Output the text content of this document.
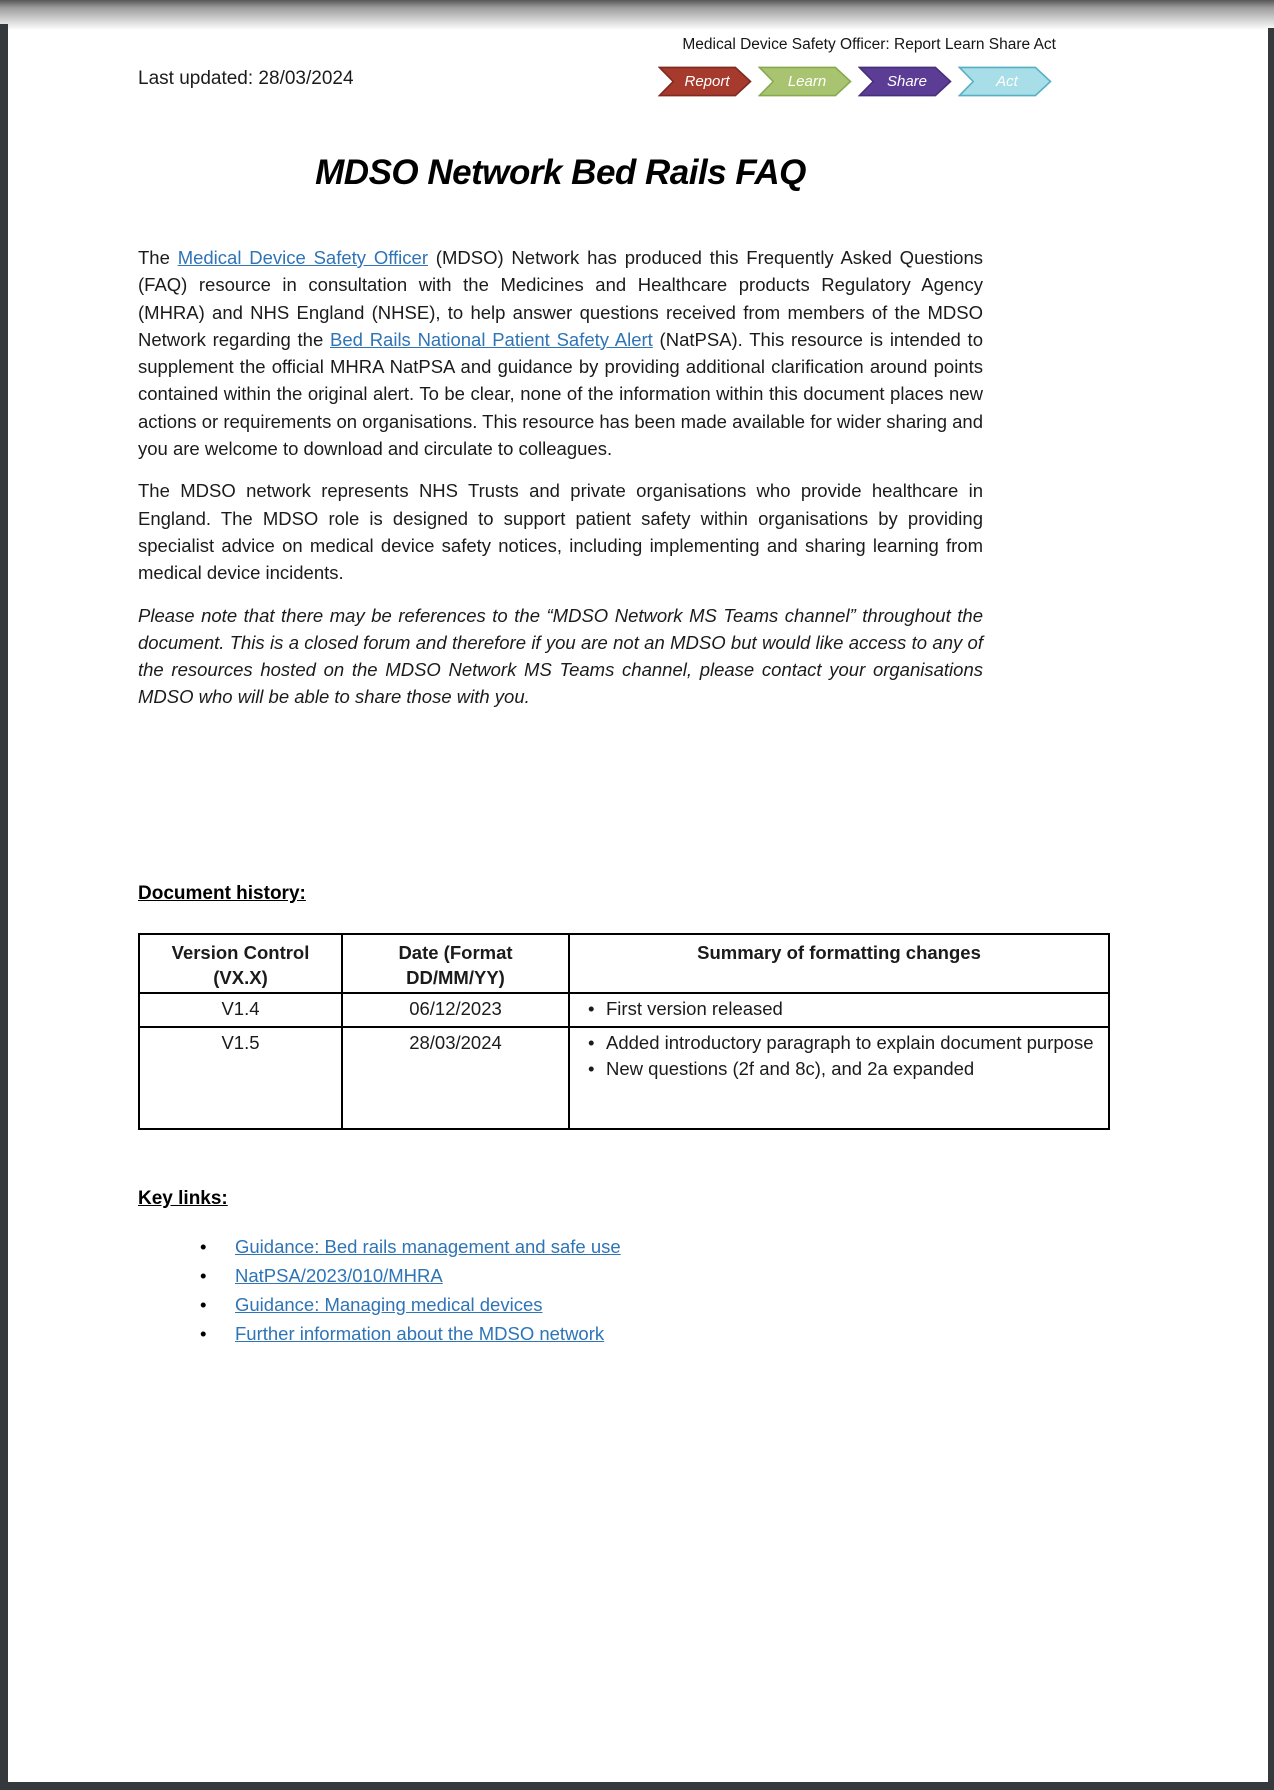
Last updated: 28/03/2024
Medical Device Safety Officer: Report Learn Share Act
Report	Learn	Share	Act
MDSO Network Bed Rails FAQ

The Medical Device Safety Officer (MDSO) Network has produced this Frequently Asked Questions (FAQ) resource in consultation with the Medicines and Healthcare products Regulatory Agency (MHRA) and NHS England (NHSE), to help answer questions received from members of the MDSO Network regarding the Bed Rails National Patient Safety Alert (NatPSA). This resource is intended to supplement the official MHRA NatPSA and guidance by providing additional clarification around points contained within the original alert. To be clear, none of the information within this document places new actions or requirements on organisations. This resource has been made available for wider sharing and you are welcome to download and circulate to colleagues.

The MDSO network represents NHS Trusts and private organisations who provide healthcare in England. The MDSO role is designed to support patient safety within organisations by providing specialist advice on medical device safety notices, including implementing and sharing learning from medical device incidents.

Please note that there may be references to the “MDSO Network MS Teams channel” throughout the document. This is a closed forum and therefore if you are not an MDSO but would like access to any of the resources hosted on the MDSO Network MS Teams channel, please contact your organisations MDSO who will be able to share those with you.

Document history:
Version Control (VX.X)	Date (Format DD/MM/YY)	Summary of formatting changes
V1.4	06/12/2023	• First version released

V1.5	28/03/2024	• Added introductory paragraph to explain document purpose
• New questions (2f and 8c), and 2a expanded
Key links:
• Guidance: Bed rails management and safe use
• NatPSA/2023/010/MHRA
• Guidance: Managing medical devices
• Further information about the MDSO network
